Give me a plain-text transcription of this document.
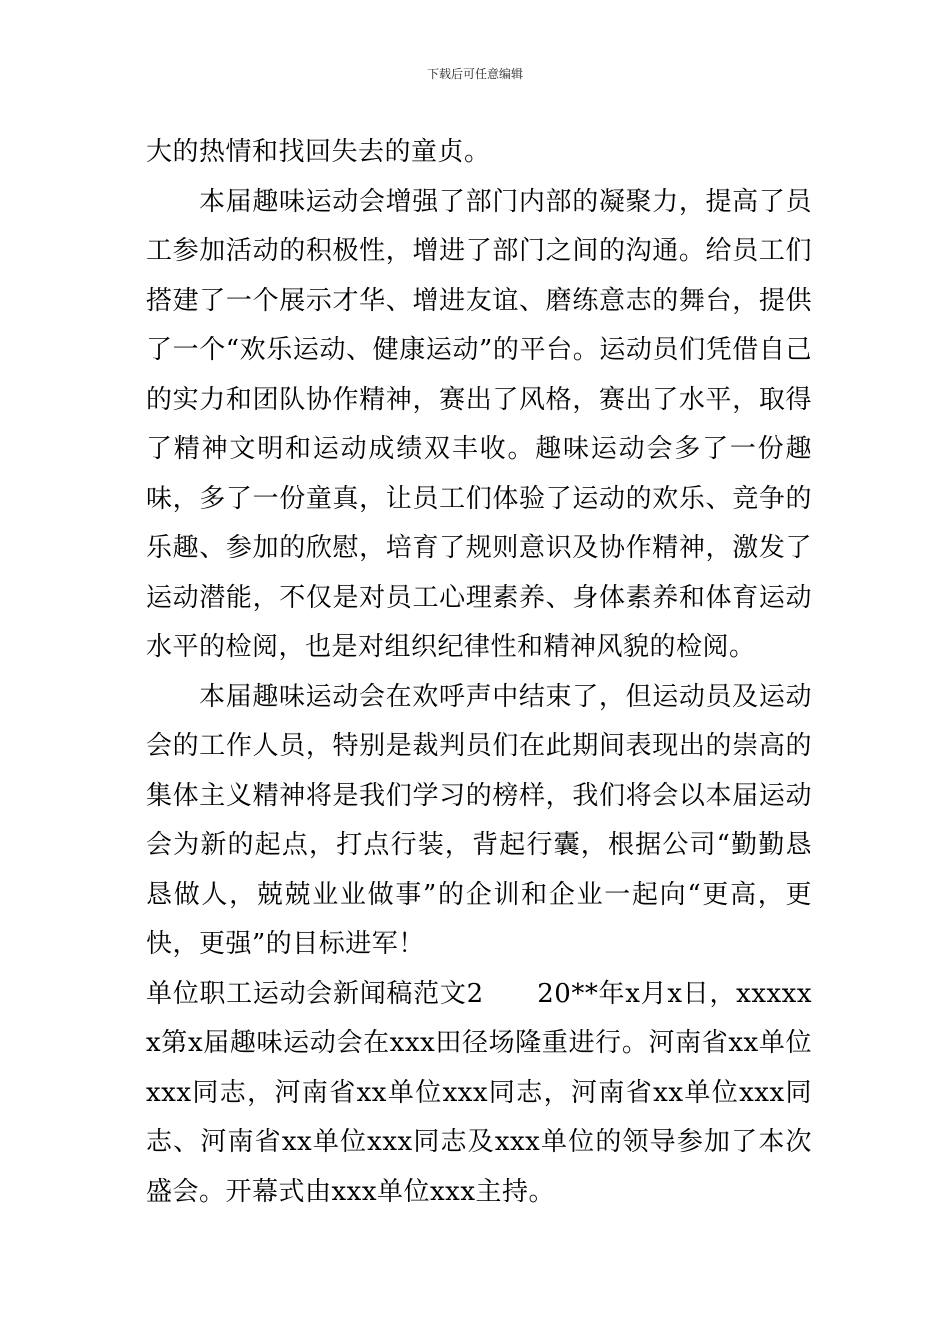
下载后可任意编辑

大的热情和找回失去的童贞。

本届趣味运动会增强了部门内部的凝聚力，提高了员工参加活动的积极性，增进了部门之间的沟通。给员工们搭建了一个展示才华、增进友谊、磨练意志的舞台，提供了一个“欢乐运动、健康运动”的平台。运动员们凭借自己的实力和团队协作精神，赛出了风格，赛出了水平，取得了精神文明和运动成绩双丰收。趣味运动会多了一份趣味，多了一份童真，让员工们体验了运动的欢乐、竞争的乐趣、参加的欣慰，培育了规则意识及协作精神，激发了运动潜能，不仅是对员工心理素养、身体素养和体育运动水平的检阅，也是对组织纪律性和精神风貌的检阅。

本届趣味运动会在欢呼声中结束了，但运动员及运动会的工作人员，特别是裁判员们在此期间表现出的崇高的集体主义精神将是我们学习的榜样，我们将会以本届运动会为新的起点，打点行装，背起行囊，根据公司“勤勤恳恳做人，兢兢业业做事”的企训和企业一起向“更高，更快，更强”的目标进军！

单位职工运动会新闻稿范文2　　20**年x月x日，xxxxxx第x届趣味运动会在xxx田径场隆重进行。河南省xx单位xxx同志，河南省xx单位xxx同志，河南省xx单位xxx同志、河南省xx单位xxx同志及xxx单位的领导参加了本次盛会。开幕式由xxx单位xxx主持。
